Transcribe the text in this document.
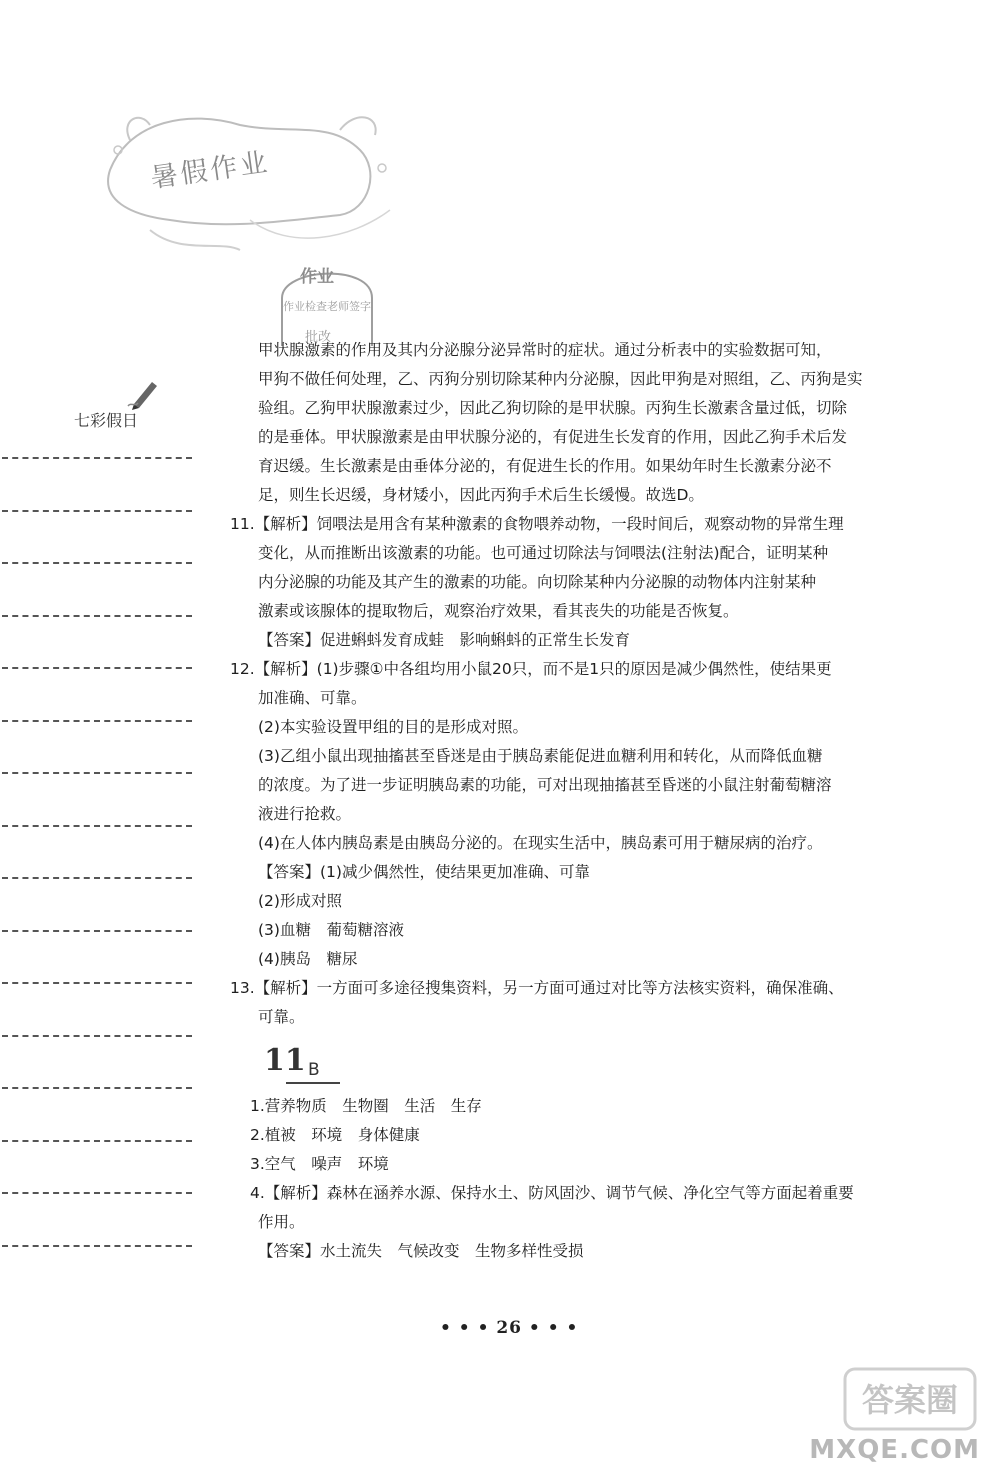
暑假作业
作业
作业检查老师签字
批改
七彩假日

甲状腺激素的作用及其内分泌腺分泌异常时的症状。通过分析表中的实验数据可知，

甲狗不做任何处理，乙、丙狗分别切除某种内分泌腺，因此甲狗是对照组，乙、丙狗是实

验组。乙狗甲状腺激素过少，因此乙狗切除的是甲状腺。丙狗生长激素含量过低，切除

的是垂体。甲状腺激素是由甲状腺分泌的，有促进生长发育的作用，因此乙狗手术后发

育迟缓。生长激素是由垂体分泌的，有促进生长的作用。如果幼年时生长激素分泌不

足，则生长迟缓，身材矮小，因此丙狗手术后生长缓慢。故选D。

11.【解析】饲喂法是用含有某种激素的食物喂养动物，一段时间后，观察动物的异常生理

变化，从而推断出该激素的功能。也可通过切除法与饲喂法(注射法)配合，证明某种

内分泌腺的功能及其产生的激素的功能。向切除某种内分泌腺的动物体内注射某种

激素或该腺体的提取物后，观察治疗效果，看其丧失的功能是否恢复。

【答案】促进蝌蚪发育成蛙　影响蝌蚪的正常生长发育

12.【解析】(1)步骤①中各组均用小鼠20只，而不是1只的原因是减少偶然性，使结果更

加准确、可靠。

(2)本实验设置甲组的目的是形成对照。

(3)乙组小鼠出现抽搐甚至昏迷是由于胰岛素能促进血糖利用和转化，从而降低血糖

的浓度。为了进一步证明胰岛素的功能，可对出现抽搐甚至昏迷的小鼠注射葡萄糖溶

液进行抢救。

(4)在人体内胰岛素是由胰岛分泌的。在现实生活中，胰岛素可用于糖尿病的治疗。

【答案】(1)减少偶然性，使结果更加准确、可靠

(2)形成对照

(3)血糖　葡萄糖溶液

(4)胰岛　糖尿

13.【解析】一方面可多途径搜集资料，另一方面可通过对比等方法核实资料，确保准确、

可靠。

11 B

1.营养物质　生物圈　生活　生存

2.植被　环境　身体健康

3.空气　噪声　环境

4.【解析】森林在涵养水源、保持水土、防风固沙、调节气候、净化空气等方面起着重要

作用。

【答案】水土流失　气候改变　生物多样性受损

• • • 26 • • •
答案圈
MXQE.COM
